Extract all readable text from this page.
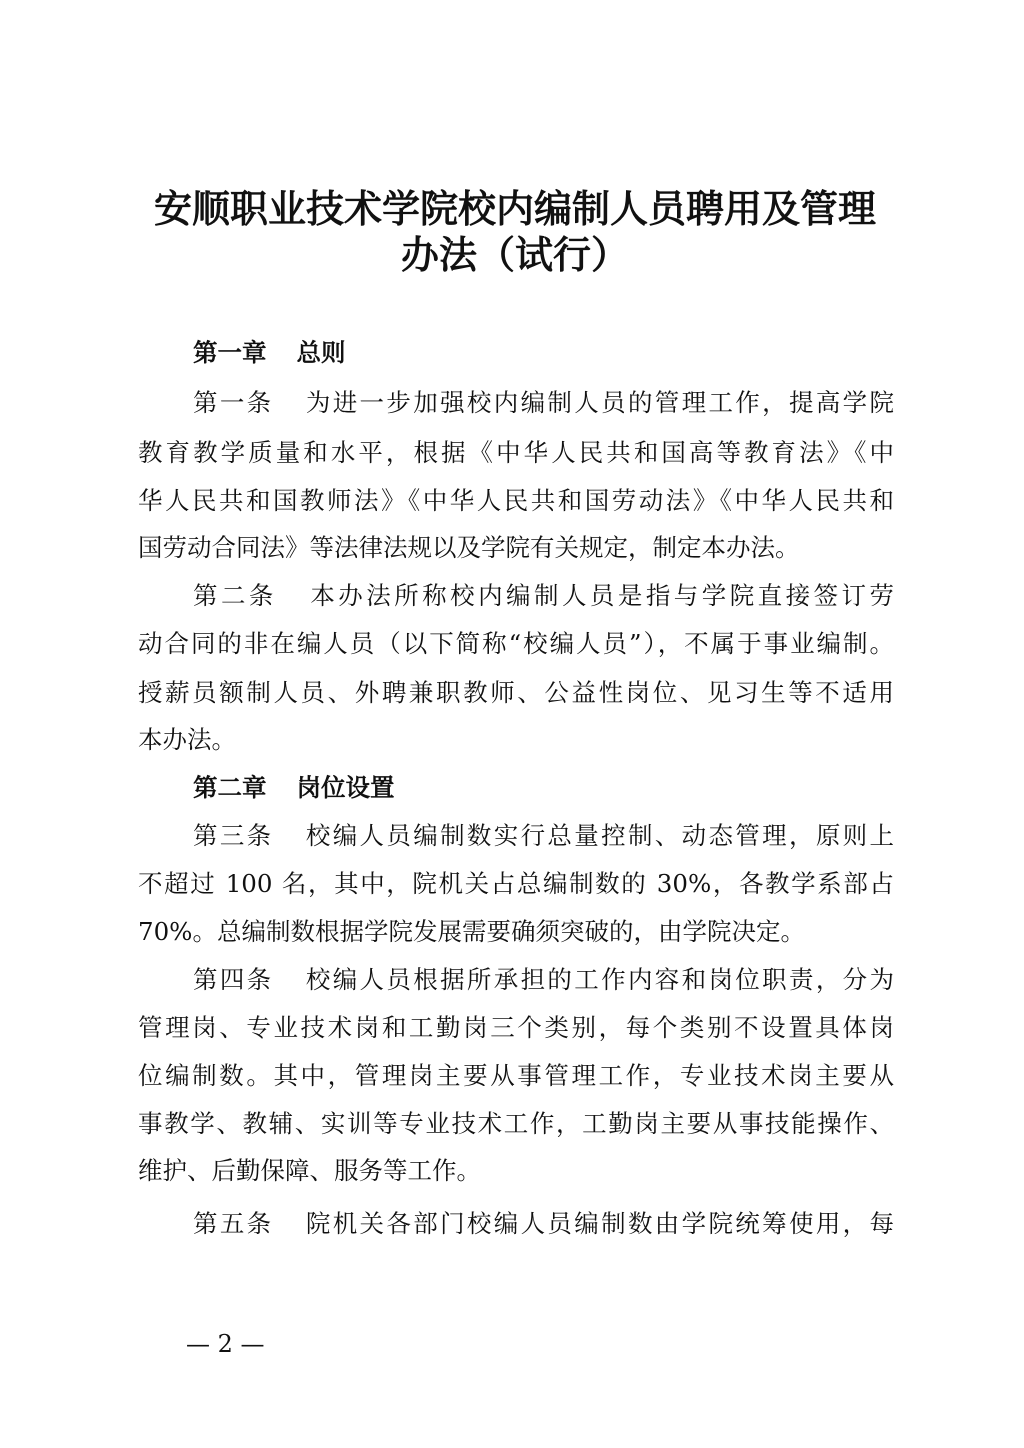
安顺职业技术学院校内编制人员聘用及管理
办法（试行）
第一章 总则
第一条 为进一步加强校内编制人员的管理工作，提高学院
教育教学质量和水平，根据《中华人民共和国高等教育法》《中
华人民共和国教师法》《中华人民共和国劳动法》《中华人民共和
国劳动合同法》等法律法规以及学院有关规定，制定本办法。
第二条 本办法所称校内编制人员是指与学院直接签订劳
动合同的非在编人员（以下简称“校编人员”），不属于事业编制。
授薪员额制人员、外聘兼职教师、公益性岗位、见习生等不适用
本办法。
第二章 岗位设置
第三条 校编人员编制数实行总量控制、动态管理，原则上
不超过 100 名，其中，院机关占总编制数的 30%，各教学系部占
70%。总编制数根据学院发展需要确须突破的，由学院决定。
第四条 校编人员根据所承担的工作内容和岗位职责，分为
管理岗、专业技术岗和工勤岗三个类别，每个类别不设置具体岗
位编制数。其中，管理岗主要从事管理工作，专业技术岗主要从
事教学、教辅、实训等专业技术工作，工勤岗主要从事技能操作、
维护、后勤保障、服务等工作。
第五条 院机关各部门校编人员编制数由学院统筹使用，每
— 2 —
